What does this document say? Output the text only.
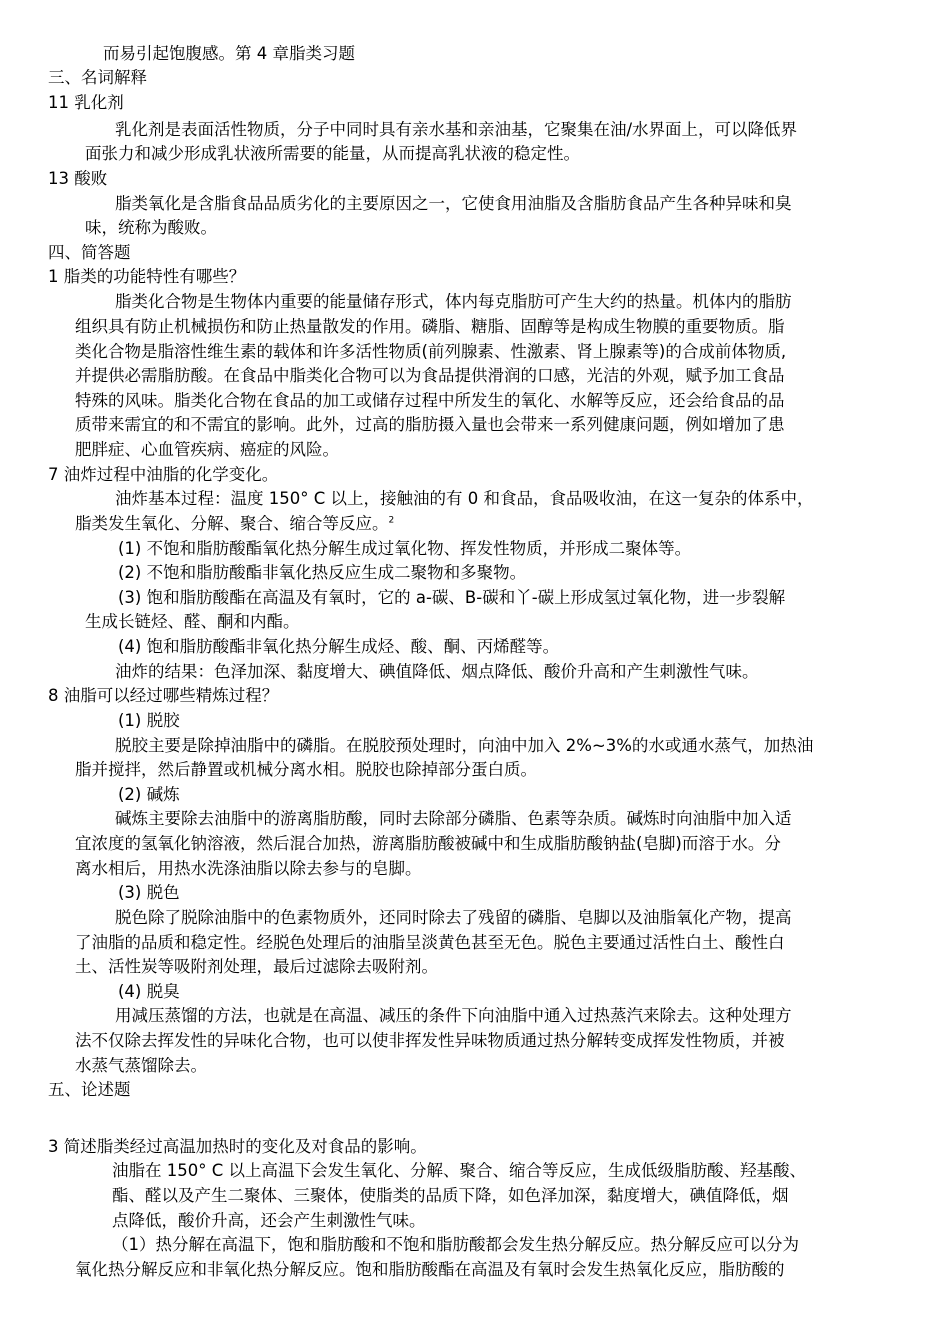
而易引起饱腹感。第 4 章脂类习题
三、名词解释
11 乳化剂
乳化剂是表面活性物质，分子中同时具有亲水基和亲油基，它聚集在油/水界面上，可以降低界
面张力和减少形成乳状液所需要的能量，从而提高乳状液的稳定性。
13 酸败
脂类氧化是含脂食品品质劣化的主要原因之一，它使食用油脂及含脂肪食品产生各种异味和臭
味，统称为酸败。
四、简答题
1 脂类的功能特性有哪些？
脂类化合物是生物体内重要的能量储存形式，体内每克脂肪可产生大约的热量。机体内的脂肪
组织具有防止机械损伤和防止热量散发的作用。磷脂、糖脂、固醇等是构成生物膜的重要物质。脂
类化合物是脂溶性维生素的载体和许多活性物质(前列腺素、性激素、肾上腺素等)的合成前体物质,
并提供必需脂肪酸。在食品中脂类化合物可以为食品提供滑润的口感，光洁的外观，赋予加工食品
特殊的风味。脂类化合物在食品的加工或储存过程中所发生的氧化、水解等反应，还会给食品的品
质带来需宜的和不需宜的影响。此外，过高的脂肪摄入量也会带来一系列健康问题，例如增加了患
肥胖症、心血管疾病、癌症的风险。
7 油炸过程中油脂的化学变化。
油炸基本过程：温度 150° C 以上，接触油的有 0 和食品，食品吸收油，在这一复杂的体系中，
脂类发生氧化、分解、聚合、缩合等反应。$^2$
(1) 不饱和脂肪酸酯氧化热分解生成过氧化物、挥发性物质，并形成二聚体等。
(2) 不饱和脂肪酸酯非氧化热反应生成二聚物和多聚物。
(3) 饱和脂肪酸酯在高温及有氧时，它的 a-碳、B-碳和丫-碳上形成氢过氧化物，进一步裂解
生成长链烃、醛、酮和内酯。
(4) 饱和脂肪酸酯非氧化热分解生成烃、酸、酮、丙烯醛等。
油炸的结果：色泽加深、黏度增大、碘值降低、烟点降低、酸价升高和产生刺激性气味。
8 油脂可以经过哪些精炼过程？
(1) 脱胶
脱胶主要是除掉油脂中的磷脂。在脱胶预处理时，向油中加入 2%~3%的水或通水蒸气，加热油
脂并搅拌，然后静置或机械分离水相。脱胶也除掉部分蛋白质。
(2) 碱炼
碱炼主要除去油脂中的游离脂肪酸，同时去除部分磷脂、色素等杂质。碱炼时向油脂中加入适
宜浓度的氢氧化钠溶液，然后混合加热，游离脂肪酸被碱中和生成脂肪酸钠盐(皂脚)而溶于水。分
离水相后，用热水洗涤油脂以除去参与的皂脚。
(3) 脱色
脱色除了脱除油脂中的色素物质外，还同时除去了残留的磷脂、皂脚以及油脂氧化产物，提高
了油脂的品质和稳定性。经脱色处理后的油脂呈淡黄色甚至无色。脱色主要通过活性白土、酸性白
土、活性炭等吸附剂处理，最后过滤除去吸附剂。
(4) 脱臭
用减压蒸馏的方法，也就是在高温、减压的条件下向油脂中通入过热蒸汽来除去。这种处理方
法不仅除去挥发性的异味化合物，也可以使非挥发性异味物质通过热分解转变成挥发性物质，并被
水蒸气蒸馏除去。
五、论述题
3 简述脂类经过高温加热时的变化及对食品的影响。
油脂在 150° C 以上高温下会发生氧化、分解、聚合、缩合等反应，生成低级脂肪酸、羟基酸、
酯、醛以及产生二聚体、三聚体，使脂类的品质下降，如色泽加深，黏度增大，碘值降低，烟
点降低，酸价升高，还会产生刺激性气味。
（1）热分解在高温下，饱和脂肪酸和不饱和脂肪酸都会发生热分解反应。热分解反应可以分为
氧化热分解反应和非氧化热分解反应。饱和脂肪酸酯在高温及有氧时会发生热氧化反应，脂肪酸的
